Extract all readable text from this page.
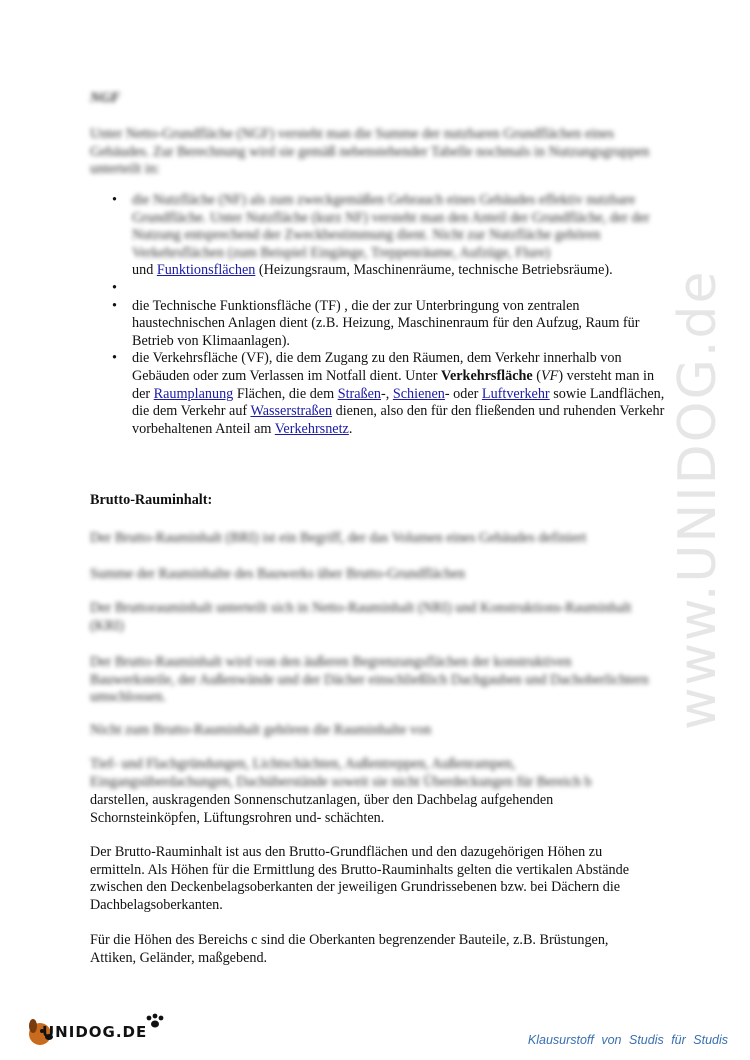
www.UNIDOG.de
NGF
Unter Netto-Grundfläche (NGF) versteht man die Summe der nutzbaren Grundflächen eines Gebäudes. Zur Berechnung wird sie gemäß nebenstehender Tabelle nochmals in Nutzungsgruppen unterteilt in:
• die Nutzfläche (NF) als zum zweckgemäßen Gebrauch eines Gebäudes effektiv nutzbare Grundfläche. Unter Nutzfläche (kurz NF) versteht man den Anteil der Grundfläche, der der Nutzung entsprechend der Zweckbestimmung dient. Nicht zur Nutzfläche gehören Verkehrsflächen (zum Beispiel Eingänge, Treppenräume, Aufzüge, Flure)
und Funktionsflächen (Heizungsraum, Maschinenräume, technische Betriebsräume).
•
• die Technische Funktionsfläche (TF) , die der zur Unterbringung von zentralen haustechnischen Anlagen dient (z.B. Heizung, Maschinenraum für den Aufzug, Raum für Betrieb von Klimaanlagen).
• die Verkehrsfläche (VF), die dem Zugang zu den Räumen, dem Verkehr innerhalb von Gebäuden oder zum Verlassen im Notfall dient. Unter Verkehrsfläche (VF) versteht man in der Raumplanung Flächen, die dem Straßen-, Schienen- oder Luftverkehr sowie Landflächen, die dem Verkehr auf Wasserstraßen dienen, also den für den fließenden und ruhenden Verkehr vorbehaltenen Anteil am Verkehrsnetz.
Brutto-Rauminhalt:
Der Brutto-Rauminhalt (BRI) ist ein Begriff, der das Volumen eines Gebäudes definiert
Summe der Rauminhalte des Bauwerks über Brutto-Grundflächen
Der Bruttorauminhalt unterteilt sich in Netto-Rauminhalt (NRI) und Konstruktions-Rauminhalt (KRI)
Der Brutto-Rauminhalt wird von den äußeren Begrenzungsflächen der konstruktiven Bauwerksteile, der Außenwände und der Dächer einschließlich Dachgauben und Dachoberlichtern umschlossen.
Nicht zum Brutto-Rauminhalt gehören die Rauminhalte von
Tief- und Flachgründungen, Lichtschächten, Außentreppen, Außenrampen, Eingangsüberdachungen, Dachüberstände soweit sie nicht Überdeckungen für Bereich b
darstellen, auskragenden Sonnenschutzanlagen, über den Dachbelag aufgehenden Schornsteinköpfen, Lüftungsrohren und- schächten.
Der Brutto-Rauminhalt ist aus den Brutto-Grundflächen und den dazugehörigen Höhen zu ermitteln. Als Höhen für die Ermittlung des Brutto-Rauminhalts gelten die vertikalen Abstände zwischen den Deckenbelagsoberkanten der jeweiligen Grundrissebenen bzw. bei Dächern die Dachbelagsoberkanten.
Für die Höhen des Bereichs c sind die Oberkanten begrenzender Bauteile, z.B. Brüstungen, Attiken, Geländer, maßgebend.
UNIDOG.DE	Klausurstoff von Studis für Studis
